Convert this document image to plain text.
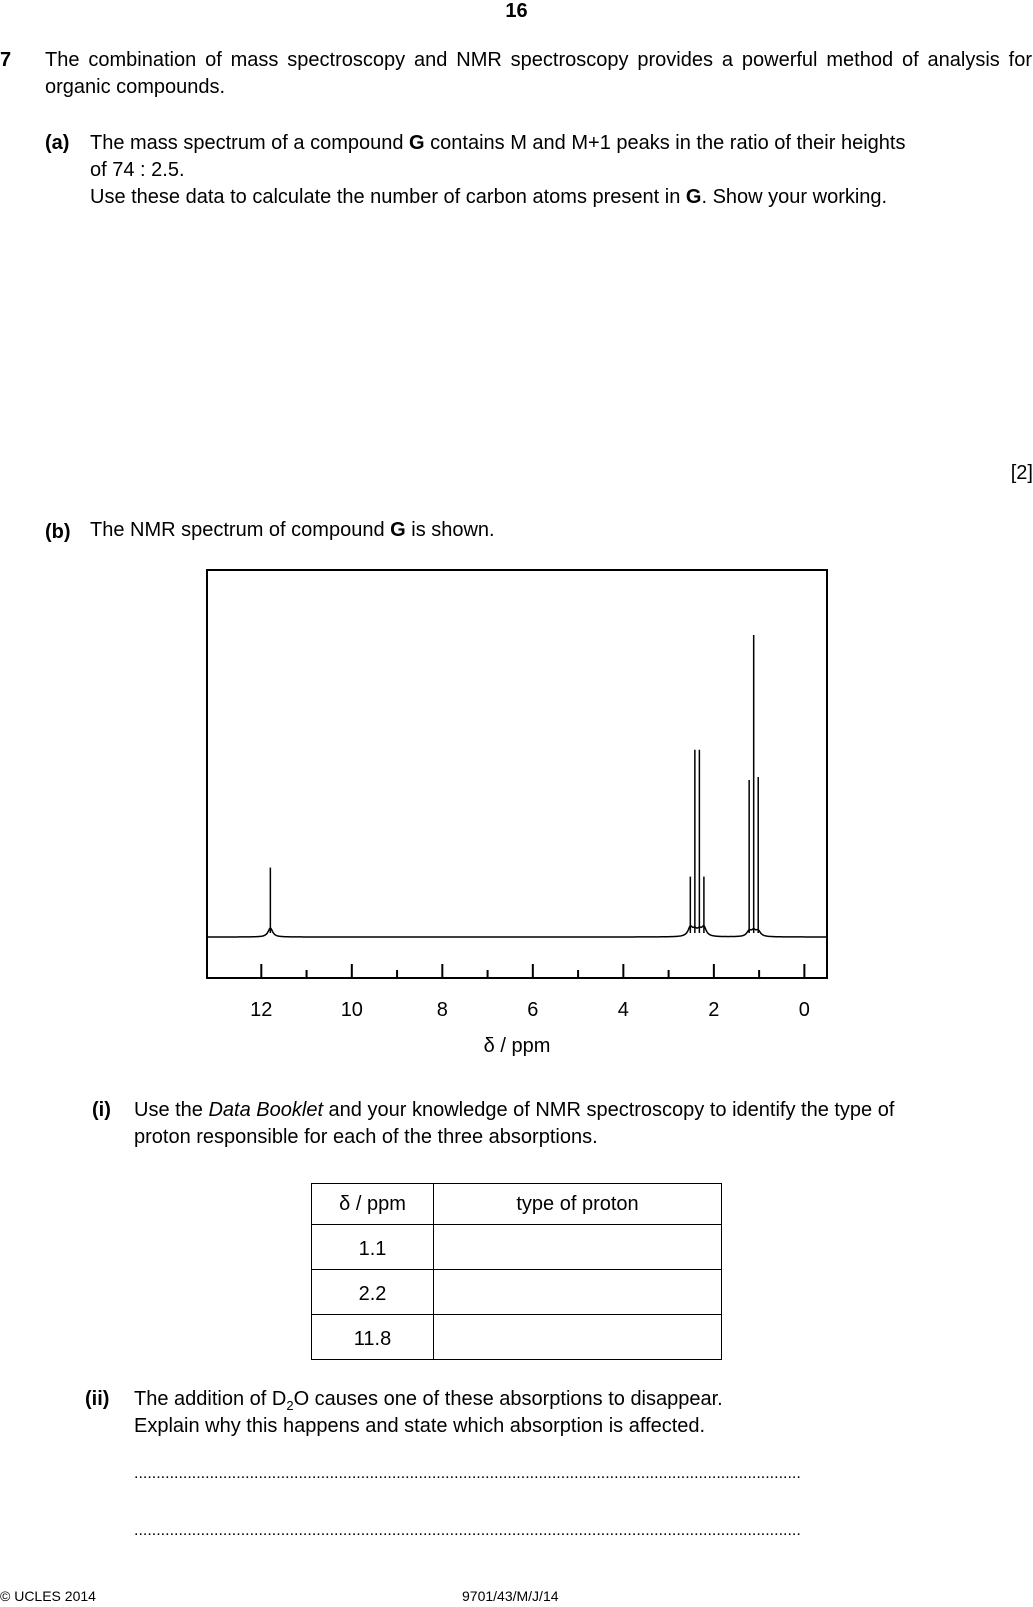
16
7 The combination of mass spectroscopy and NMR spectroscopy provides a powerful method of analysis for organic compounds.
(a) The mass spectrum of a compound G contains M and M+1 peaks in the ratio of their heights
of 74 : 2.5.
Use these data to calculate the number of carbon atoms present in G. Show your working.
[2]
(b) The NMR spectrum of compound G is shown.
12	10	8	6	4	2	0
δ / ppm
(i) Use the Data Booklet and your knowledge of NMR spectroscopy to identify the type of
proton responsible for each of the three absorptions.
δ / ppm	type of proton
1.1	
2.2	
11.8	
(ii) The addition of $D_2O$ causes one of these absorptions to disappear.
Explain why this happens and state which absorption is affected.
......................................................................................................................................................
......................................................................................................................................................
© UCLES 2014	9701/43/M/J/14
